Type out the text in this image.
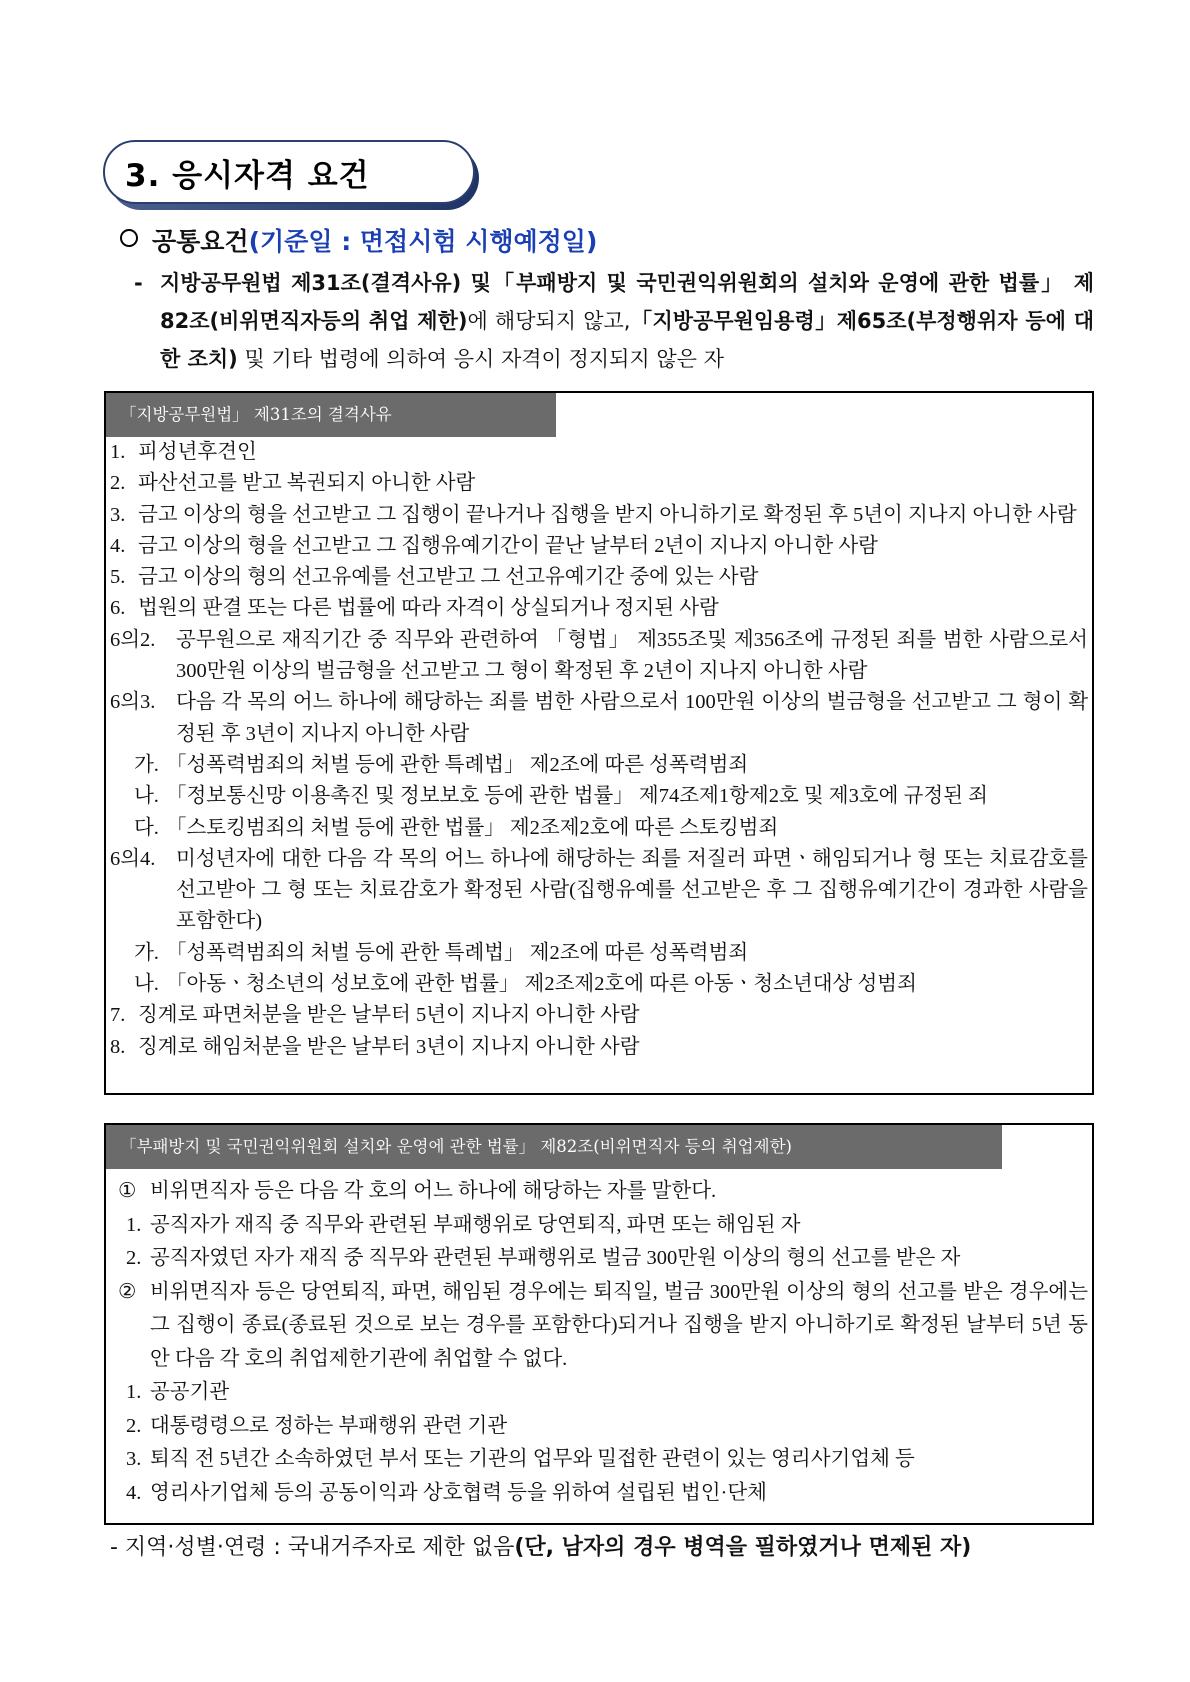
3. 응시자격 요건
공통요건(기준일 : 면접시험 시행예정일)
- 지방공무원법 제31조(결격사유) 및「부패방지 및 국민권익위원회의 설치와 운영에 관한 법률」 제82조(비위면직자등의 취업 제한)에 해당되지 않고,「지방공무원임용령」제65조(부정행위자 등에 대한 조치) 및 기타 법령에 의하여 응시 자격이 정지되지 않은 자
「지방공무원법」 제31조의 결격사유
1. 피성년후견인
2. 파산선고를 받고 복권되지 아니한 사람
3. 금고 이상의 형을 선고받고 그 집행이 끝나거나 집행을 받지 아니하기로 확정된 후 5년이 지나지 아니한 사람
4. 금고 이상의 형을 선고받고 그 집행유예기간이 끝난 날부터 2년이 지나지 아니한 사람
5. 금고 이상의 형의 선고유예를 선고받고 그 선고유예기간 중에 있는 사람
6. 법원의 판결 또는 다른 법률에 따라 자격이 상실되거나 정지된 사람
6의2. 공무원으로 재직기간 중 직무와 관련하여 「형법」 제355조및 제356조에 규정된 죄를 범한 사람으로서 300만원 이상의 벌금형을 선고받고 그 형이 확정된 후 2년이 지나지 아니한 사람
6의3. 다음 각 목의 어느 하나에 해당하는 죄를 범한 사람으로서 100만원 이상의 벌금형을 선고받고 그 형이 확정된 후 3년이 지나지 아니한 사람
가. 「성폭력범죄의 처벌 등에 관한 특례법」 제2조에 따른 성폭력범죄
나. 「정보통신망 이용촉진 및 정보보호 등에 관한 법률」 제74조제1항제2호 및 제3호에 규정된 죄
다. 「스토킹범죄의 처벌 등에 관한 법률」 제2조제2호에 따른 스토킹범죄
6의4. 미성년자에 대한 다음 각 목의 어느 하나에 해당하는 죄를 저질러 파면ㆍ해임되거나 형 또는 치료감호를 선고받아 그 형 또는 치료감호가 확정된 사람(집행유예를 선고받은 후 그 집행유예기간이 경과한 사람을 포함한다)
가. 「성폭력범죄의 처벌 등에 관한 특례법」 제2조에 따른 성폭력범죄
나. 「아동ㆍ청소년의 성보호에 관한 법률」 제2조제2호에 따른 아동ㆍ청소년대상 성범죄
7. 징계로 파면처분을 받은 날부터 5년이 지나지 아니한 사람
8. 징계로 해임처분을 받은 날부터 3년이 지나지 아니한 사람
「부패방지 및 국민권익위원회 설치와 운영에 관한 법률」 제82조(비위면직자 등의 취업제한)
① 비위면직자 등은 다음 각 호의 어느 하나에 해당하는 자를 말한다.
1. 공직자가 재직 중 직무와 관련된 부패행위로 당연퇴직, 파면 또는 해임된 자
2. 공직자였던 자가 재직 중 직무와 관련된 부패행위로 벌금 300만원 이상의 형의 선고를 받은 자
② 비위면직자 등은 당연퇴직, 파면, 해임된 경우에는 퇴직일, 벌금 300만원 이상의 형의 선고를 받은 경우에는 그 집행이 종료(종료된 것으로 보는 경우를 포함한다)되거나 집행을 받지 아니하기로 확정된 날부터 5년 동안 다음 각 호의 취업제한기관에 취업할 수 없다.
1. 공공기관
2. 대통령령으로 정하는 부패행위 관련 기관
3. 퇴직 전 5년간 소속하였던 부서 또는 기관의 업무와 밀접한 관련이 있는 영리사기업체 등
4. 영리사기업체 등의 공동이익과 상호협력 등을 위하여 설립된 법인·단체
- 지역·성별·연령 : 국내거주자로 제한 없음(단, 남자의 경우 병역을 필하였거나 면제된 자)
